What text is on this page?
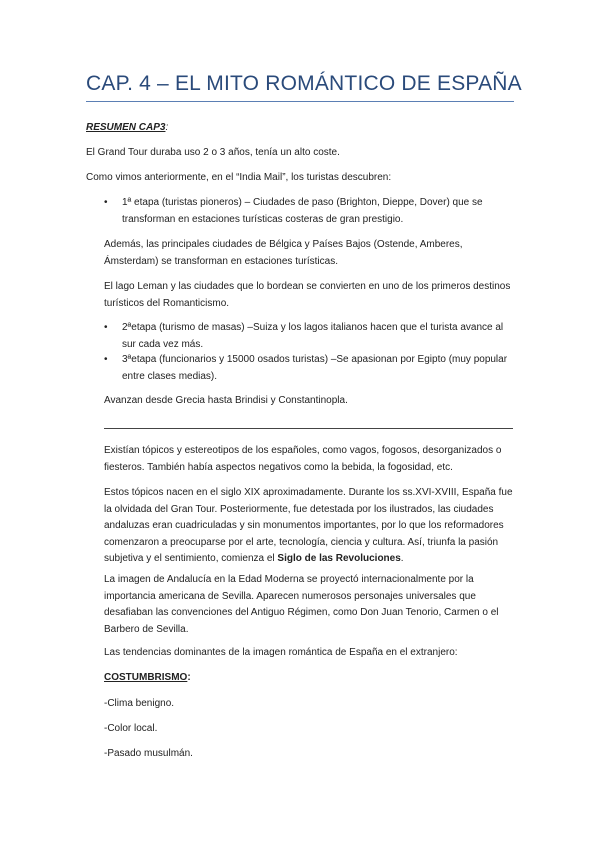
CAP. 4 – EL MITO ROMÁNTICO DE ESPAÑA
RESUMEN CAP3:
El Grand Tour duraba uso 2 o 3 años, tenía un alto coste.
Como vimos anteriormente, en el “India Mail”, los turistas descubren:
• 1ª etapa (turistas pioneros) – Ciudades de paso (Brighton, Dieppe, Dover) que se
transforman en estaciones turísticas costeras de gran prestigio.
Además, las principales ciudades de Bélgica y Países Bajos (Ostende, Amberes,
Ámsterdam) se transforman en estaciones turísticas.
El lago Leman y las ciudades que lo bordean se convierten en uno de los primeros destinos
turísticos del Romanticismo.
• 2ªetapa (turismo de masas) –Suiza y los lagos italianos hacen que el turista avance al
sur cada vez más.
• 3ªetapa (funcionarios y 15000 osados turistas) –Se apasionan por Egipto (muy popular
entre clases medias).
Avanzan desde Grecia hasta Brindisi y Constantinopla.
Existían tópicos y estereotipos de los españoles, como vagos, fogosos, desorganizados o
fiesteros. También había aspectos negativos como la bebida, la fogosidad, etc.
Estos tópicos nacen en el siglo XIX aproximadamente. Durante los ss.XVI-XVIII, España fue
la olvidada del Gran Tour. Posteriormente, fue detestada por los ilustrados, las ciudades
andaluzas eran cuadriculadas y sin monumentos importantes, por lo que los reformadores
comenzaron a preocuparse por el arte, tecnología, ciencia y cultura. Así, triunfa la pasión
subjetiva y el sentimiento, comienza el Siglo de las Revoluciones.
La imagen de Andalucía en la Edad Moderna se proyectó internacionalmente por la
importancia americana de Sevilla. Aparecen numerosos personajes universales que
desafiaban las convenciones del Antiguo Régimen, como Don Juan Tenorio, Carmen o el
Barbero de Sevilla.
Las tendencias dominantes de la imagen romántica de España en el extranjero:
COSTUMBRISMO:
-Clima benigno.
-Color local.
-Pasado musulmán.
